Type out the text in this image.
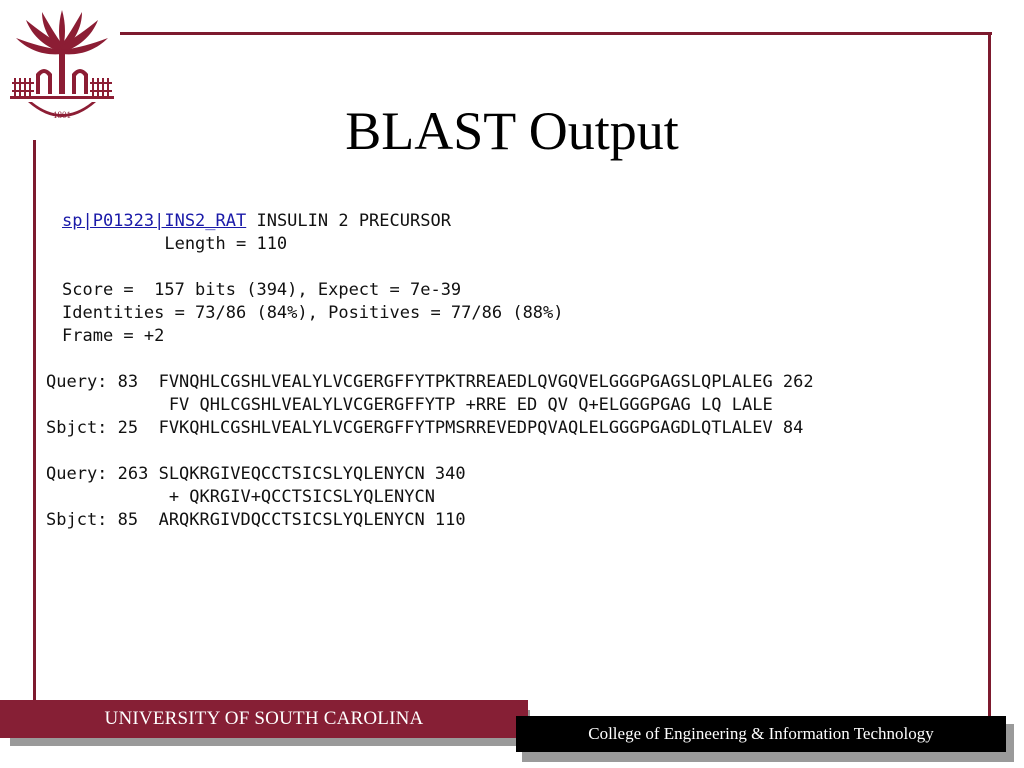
1801	BLAST Output
sp|P01323|INS2_RAT INSULIN 2 PRECURSOR
Length = 110
Score =  157 bits (394), Expect = 7e-39
Identities = 73/86 (84%), Positives = 77/86 (88%)
Frame = +2
Query: 83  FVNQHLCGSHLVEALYLVCGERGFFYTPKTRREAEDLQVGQVELGGGPGAGSLQPLALEG 262
FV QHLCGSHLVEALYLVCGERGFFYTP +RRE ED QV Q+ELGGGPGAG LQ LALE
Sbjct: 25  FVKQHLCGSHLVEALYLVCGERGFFYTPMSRREVEDPQVAQLELGGGPGAGDLQTLALEV 84
Query: 263 SLQKRGIVEQCCTSICSLYQLENYCN 340
+ QKRGIV+QCCTSICSLYQLENYCN
Sbjct: 85  ARQKRGIVDQCCTSICSLYQLENYCN 110
UNIVERSITY OF SOUTH CAROLINA
College of Engineering & Information Technology
